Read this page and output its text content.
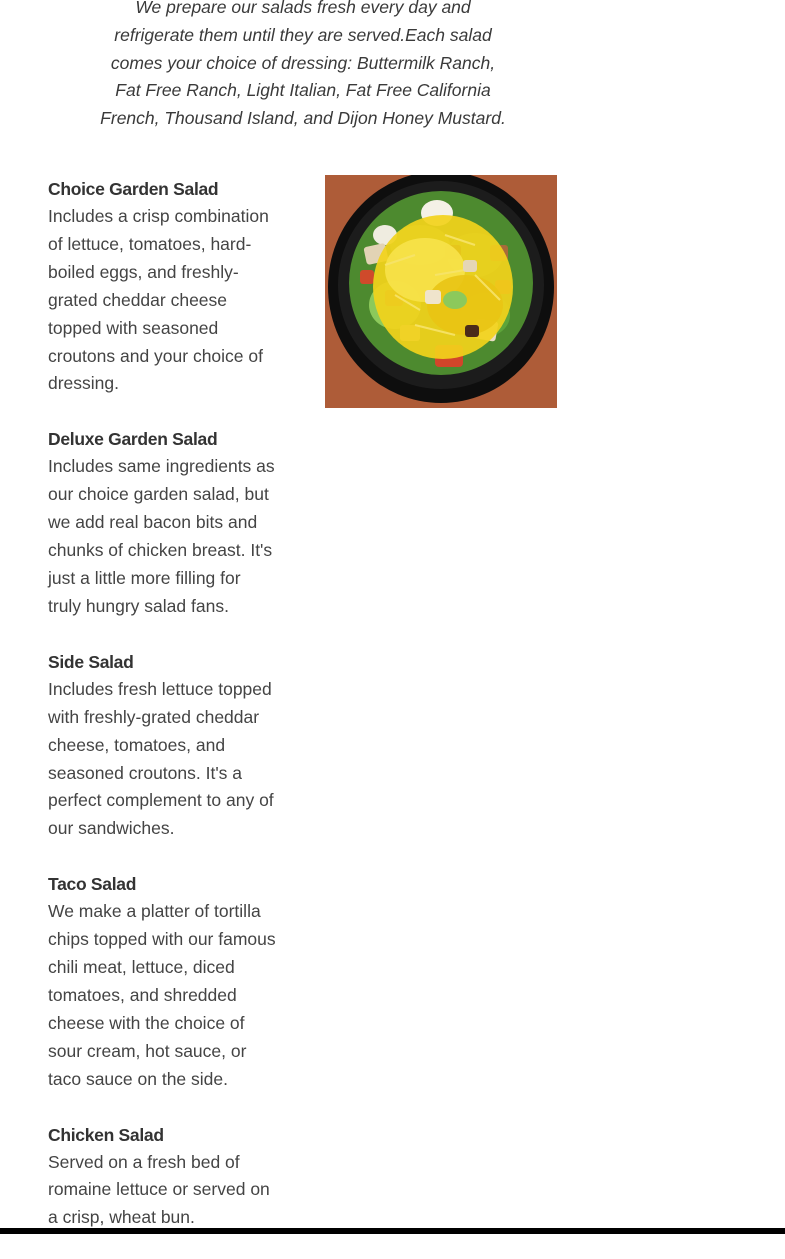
We prepare our salads fresh every day and refrigerate them until they are served.Each salad comes your choice of dressing: Buttermilk Ranch, Fat Free Ranch, Light Italian, Fat Free California French, Thousand Island, and Dijon Honey Mustard.

Choice Garden Salad

Includes a crisp combination of lettuce, tomatoes, hard-boiled eggs, and freshly-grated cheddar cheese topped with seasoned croutons and your choice of dressing.

Deluxe Garden Salad

Includes same ingredients as our choice garden salad, but we add real bacon bits and chunks of chicken breast. It's just a little more filling for truly hungry salad fans.

Side Salad

Includes fresh lettuce topped with freshly-grated cheddar cheese, tomatoes, and seasoned croutons. It's a perfect complement to any of our sandwiches.

Taco Salad

We make a platter of tortilla chips topped with our famous chili meat, lettuce, diced tomatoes, and shredded cheese with the choice of sour cream, hot sauce, or taco sauce on the side.

Chicken Salad

Served on a fresh bed of romaine lettuce or served on a crisp, wheat bun.
